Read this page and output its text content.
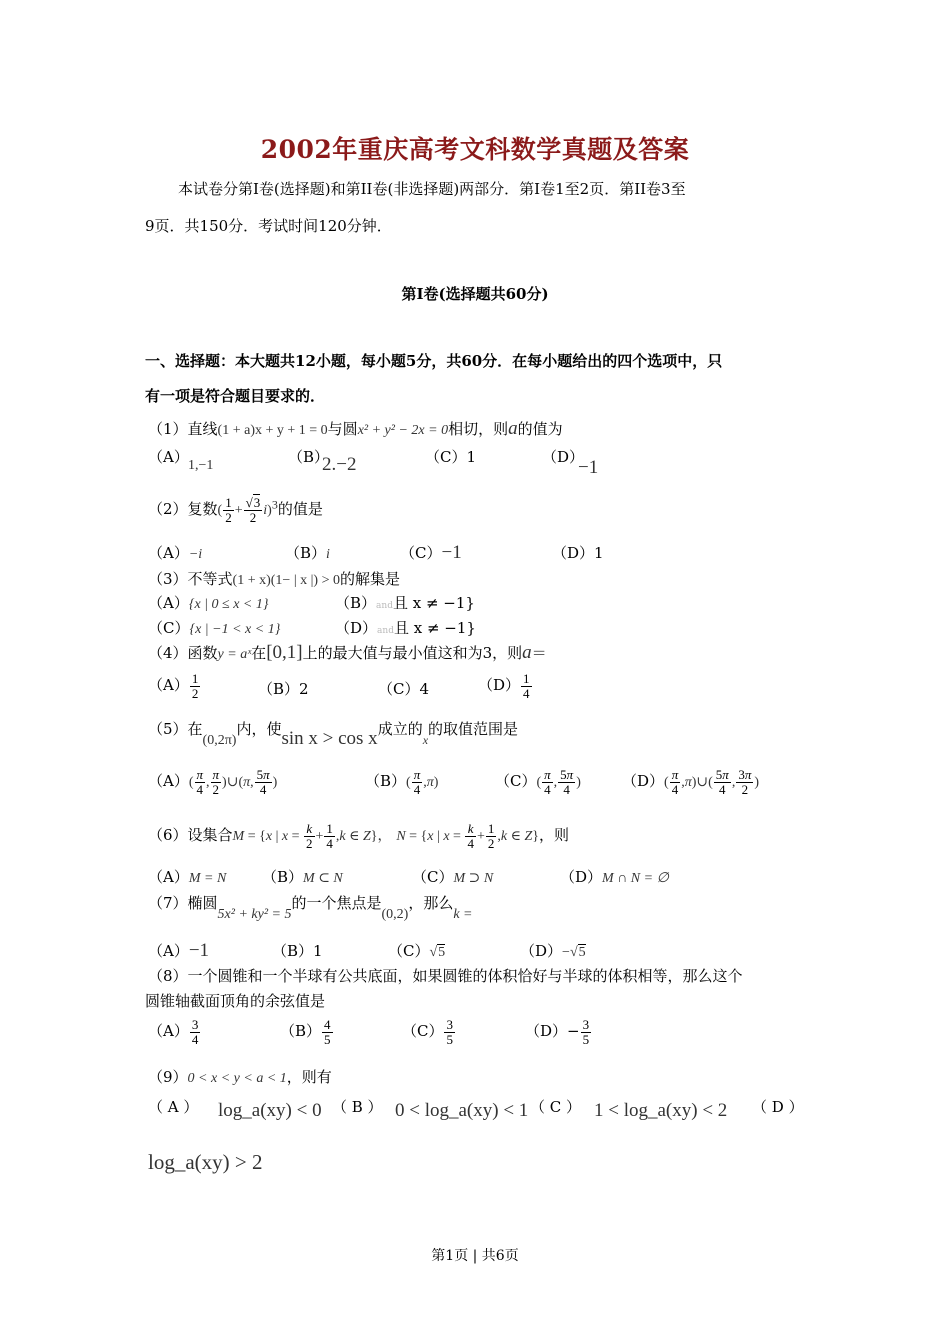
2002年重庆高考文科数学真题及答案
本试卷分第Ⅰ卷(选择题)和第II卷(非选择题)两部分．第Ⅰ卷1至2页．第II卷3至
9页．共150分．考试时间120分钟．
第Ⅰ卷(选择题共60分)
一、选择题：本大题共12小题，每小题5分，共60分．在每小题给出的四个选项中，只
有一项是符合题目要求的．
（1）直线(1 + a)x + y + 1 = 0与圆x² + y² − 2x = 0相切，则a的值为
（A） 1,−1	（B）
2.−2	（C）1	（D）
−1
（2）复数( $\frac{1}{2} + \frac{√3}{2} i)^3$的值是
（A）−i	（B）i	（C）−1	（D）1
（3）不等式(1 + x)(1− | x |) > 0的解集是
（A）{x | 0 ≤ x < 1}	（B）and且 x ≠ −1}
（C）{x | −1 < x < 1}	（D）and且 x ≠ −1}
（4）函数y = aˣ在[0,1]上的最大值与最小值这和为3，则a＝
$(A) \frac{1}{2}$	（B）2	（C）4	$(D) \frac{1}{4}$
（5）在(0,2π)内，使sin x > cos x成立的$_x$的取值范围是
$(A)( \frac{\pi}{4}$ , $\frac{\pi}{2}$ )∪(π, $\frac{5\pi}{4}$ )	$(B)( \frac{\pi}{4} ,\pi)$	$(C)( \frac{\pi}{4}$ , $\frac{5\pi}{4}$ )	$(D)( \frac{\pi}{4}$ ,π)∪( $\frac{5\pi}{4}$ , $\frac{3\pi}{2}$ )
（6）设集合M = {x | $x = \frac{k}{2} + \frac{1}{4} ,k$ ∈ Z}， N = {x | $x = \frac{k}{4} + \frac{1}{2} ,k$ ∈ Z}，则
（A）M = N （B）M ⊂ N	（C）M ⊃ N	（D）M ∩ N = ∅
（7）椭圆5x² + ky² = 5的一个焦点是(0,2)，那么k =
（A）−1	（B）1	（C）√5	（D）−√5
（8）一个圆锥和一个半球有公共底面，如果圆锥的体积恰好与半球的体积相等，那么这个
圆锥轴截面顶角的余弦值是
$(A) \frac{3}{4}$	$(B) \frac{4}{5}$	$(C) \frac{3}{5}$	$(D)- \frac{3}{5}$
（9）0 < x < y < a < 1，则有
（ A ） log_a(xy) < 0 （ B ） 0 < log_a(xy) < 1 （ C ） 1 < log_a(xy) < 2 （ D ）
log_a(xy) > 2
第1页 | 共6页
